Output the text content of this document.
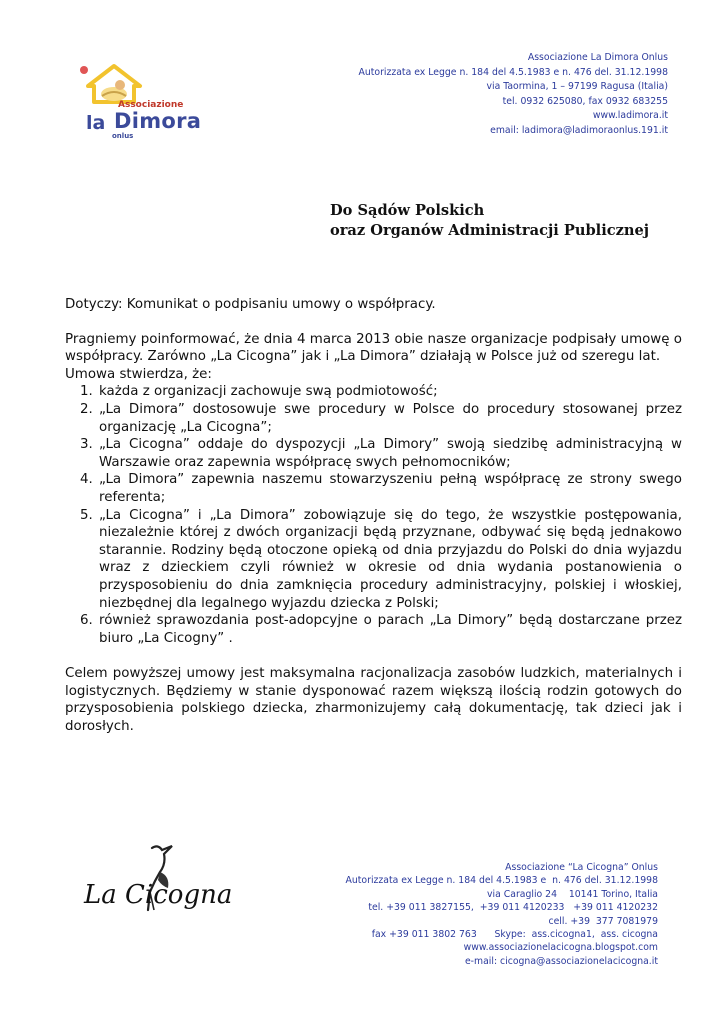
Associazione
la Dimora
onlus
Associazione La Dimora Onlus
Autorizzata ex Legge n. 184 del 4.5.1983 e n. 476 del. 31.12.1998
via Taormina, 1 – 97199 Ragusa (Italia)
tel. 0932 625080, fax 0932 683255
www.ladimora.it
email: ladimora@ladimoraonlus.191.it
Do Sądów Polskich
oraz Organów Administracji Publicznej

Dotyczy: Komunikat o podpisaniu umowy o współpracy.

Pragniemy poinformować, że dnia 4 marca 2013 obie nasze organizacje podpisały umowę o współpracy. Zarówno „La Cicogna” jak i „La Dimora” działają w Polsce już od szeregu lat.

Umowa stwierdza, że:

1. każda z organizacji zachowuje swą podmiotowość;
2. „La Dimora” dostosowuje swe procedury w Polsce do procedury stosowanej przez organizację „La Cicogna”;
3. „La Cicogna” oddaje do dyspozycji „La Dimory” swoją siedzibę administracyjną w Warszawie oraz zapewnia współpracę swych pełnomocników;
4. „La Dimora” zapewnia naszemu stowarzyszeniu pełną współpracę ze strony swego referenta;
5. „La Cicogna” i „La Dimora” zobowiązuje się do tego, że wszystkie postępowania, niezależnie której z dwóch organizacji będą przyznane, odbywać się będą jednakowo starannie. Rodziny będą otoczone opieką od dnia przyjazdu do Polski do dnia wyjazdu wraz z dzieckiem czyli również w okresie od dnia wydania postanowienia o przysposobieniu do dnia zamknięcia procedury administracyjny, polskiej i włoskiej, niezbędnej dla legalnego wyjazdu dziecka z Polski;
6. również sprawozdania post-adopcyjne o parach „La Dimory” będą dostarczane przez biuro „La Cicogny” .

Celem powyższej umowy jest maksymalna racjonalizacja zasobów ludzkich, materialnych i logistycznych. Będziemy w stanie dysponować razem większą ilością rodzin gotowych do przysposobienia polskiego dziecka, zharmonizujemy całą dokumentację, tak dzieci jak i dorosłych.

La Cicogna
Associazione “La Cicogna” Onlus
Autorizzata ex Legge n. 184 del 4.5.1983 e  n. 476 del. 31.12.1998
via Caraglio 24    10141 Torino, Italia
tel. +39 011 3827155,  +39 011 4120233   +39 011 4120232
cell. +39  377 7081979
fax +39 011 3802 763      Skype:  ass.cicogna1,  ass. cicogna
www.associazionelacicogna.blogspot.com
e-mail: cicogna@associazionelacicogna.it
